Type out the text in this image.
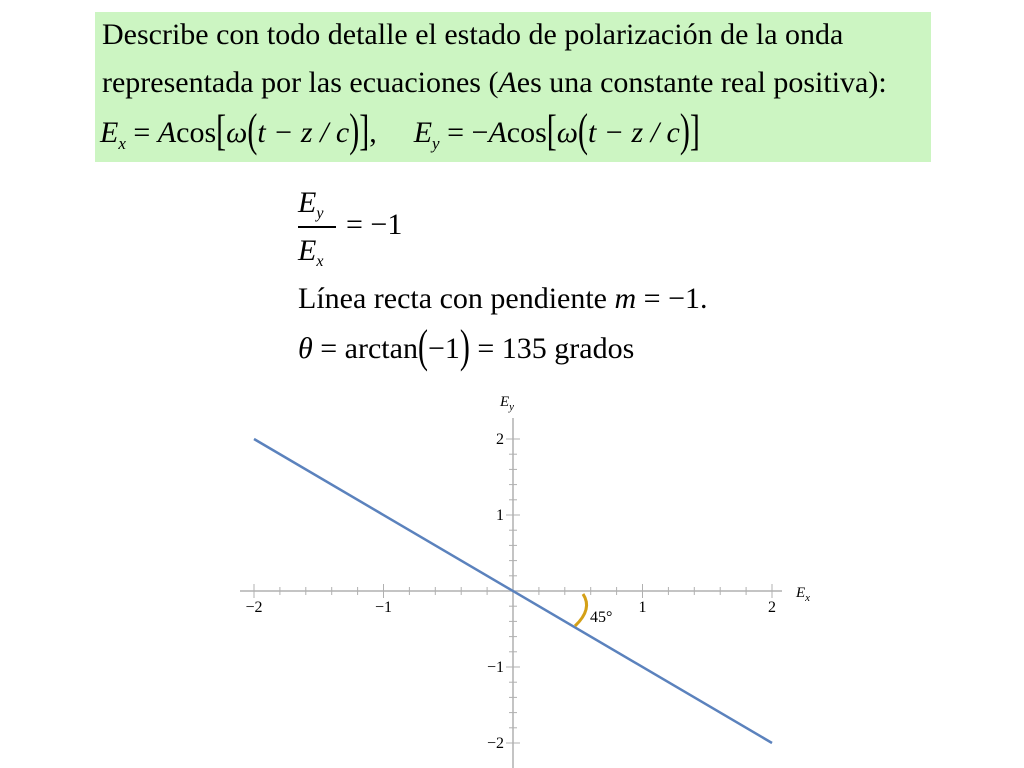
Describe con todo detalle el estado de polarización de la onda
representada por las ecuaciones (Aes una constante real positiva):
$E_x = Acos[\omega(t - z / c)]$, $E_y = -Acos[\omega(t - z / c)]$
$E_y$
$E_x$
= −1
Línea recta con pendiente m = −1.
θ = arctan(−1) = 135 grados
−2	−1	1	2
−2
−1
1
2
$E_x$
$E_y$
45°
